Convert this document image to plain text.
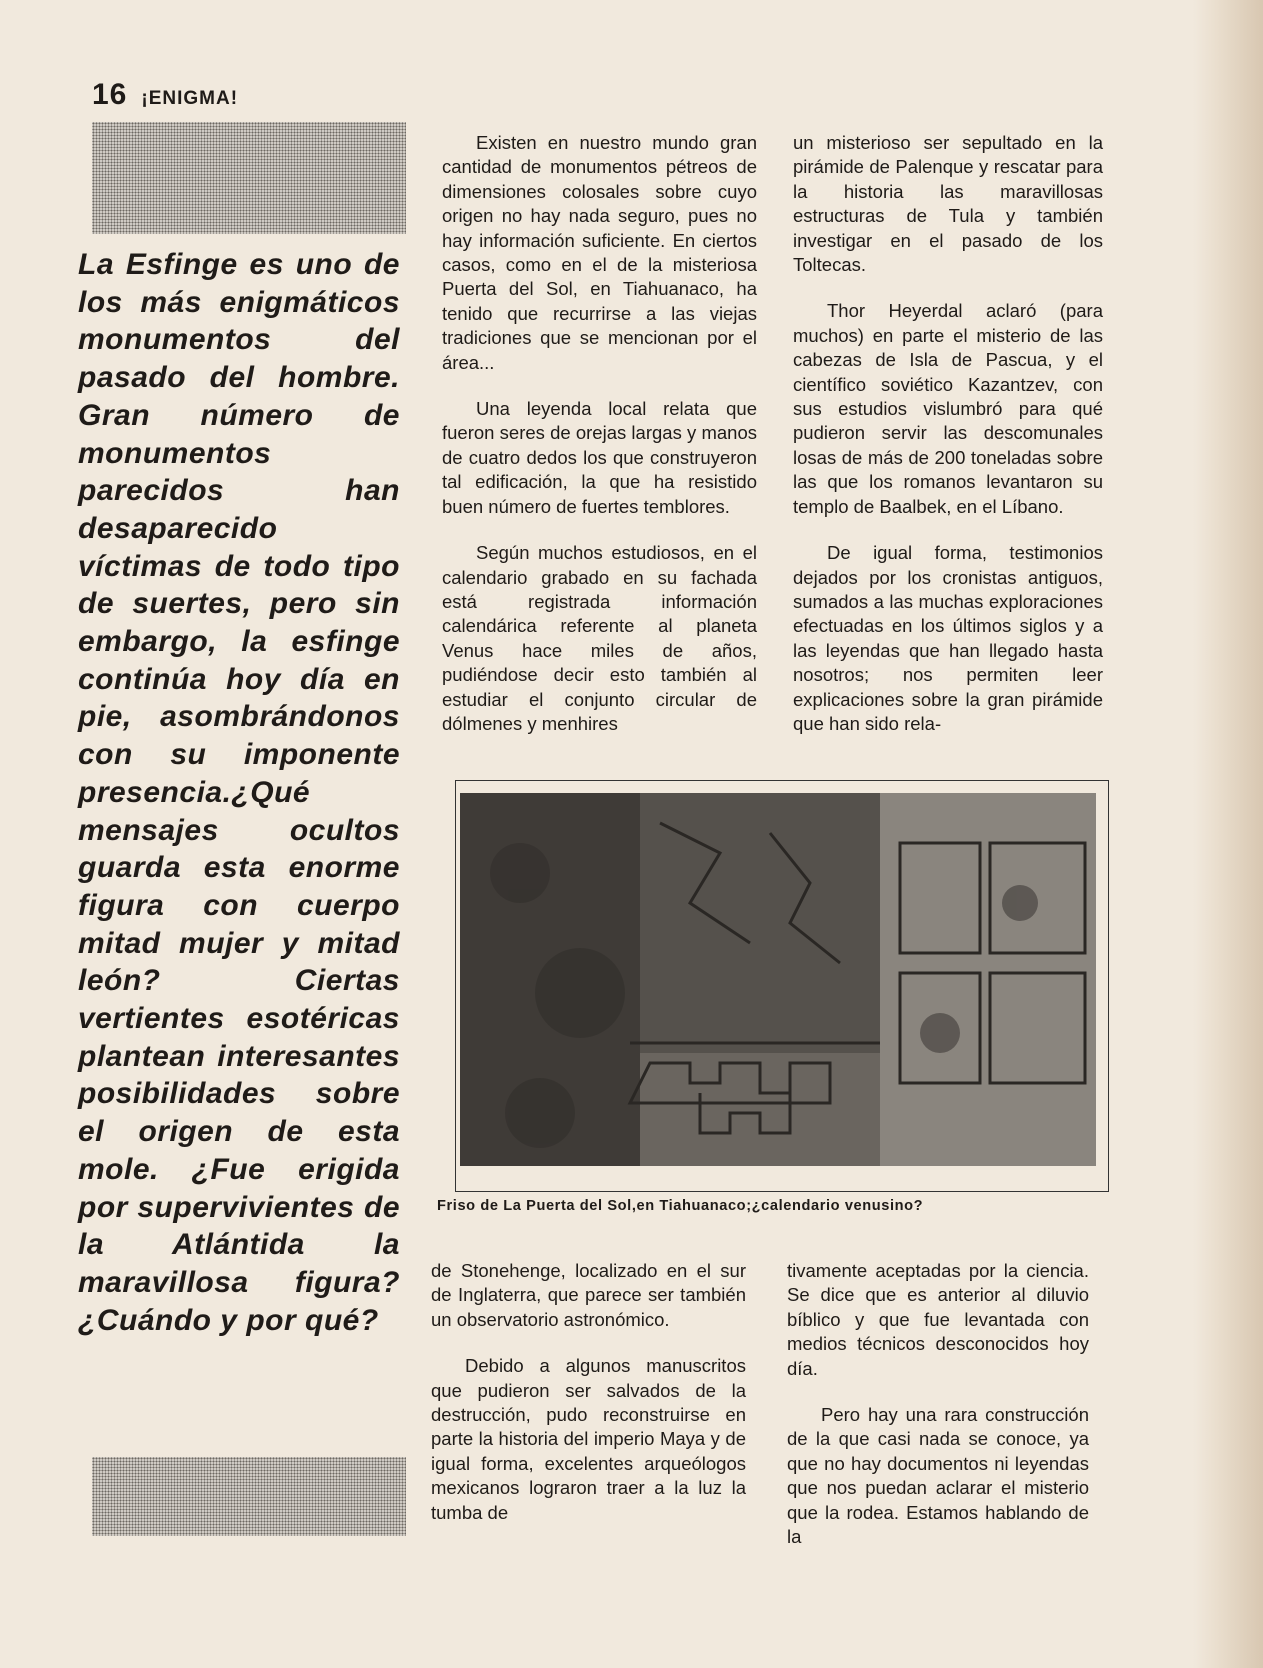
16 ¡ENIGMA!
La Esfinge es uno de los más enigmáticos monumentos del pasado del hombre. Gran número de monumentos parecidos han desaparecido víctimas de todo tipo de suertes, pero sin embargo, la esfinge continúa hoy día en pie, asombrándonos con su imponente presencia.¿Qué mensajes ocultos guarda esta enorme figura con cuerpo mitad mujer y mitad león? Ciertas vertientes esotéricas plantean interesantes posibilidades sobre el origen de esta mole. ¿Fue erigida por supervivientes de la Atlántida la maravillosa figura? ¿Cuándo y por qué?

Existen en nuestro mundo gran cantidad de monumentos pétreos de dimensiones colosales sobre cuyo origen no hay nada seguro, pues no hay información suficiente. En ciertos casos, como en el de la misteriosa Puerta del Sol, en Tiahuanaco, ha tenido que recurrirse a las viejas tradiciones que se mencionan por el área...

Una leyenda local relata que fueron seres de orejas largas y manos de cuatro dedos los que construyeron tal edificación, la que ha resistido buen número de fuertes temblores.

Según muchos estudiosos, en el calendario grabado en su fachada está registrada información calendárica referente al planeta Venus hace miles de años, pudiéndose decir esto también al estudiar el conjunto circular de dólmenes y menhires

un misterioso ser sepultado en la pirámide de Palenque y rescatar para la historia las maravillosas estructuras de Tula y también investigar en el pasado de los Toltecas.

Thor Heyerdal aclaró (para muchos) en parte el misterio de las cabezas de Isla de Pascua, y el científico soviético Kazantzev, con sus estudios vislumbró para qué pudieron servir las descomunales losas de más de 200 toneladas sobre las que los romanos levantaron su templo de Baalbek, en el Líbano.

De igual forma, testimonios dejados por los cronistas antiguos, sumados a las muchas exploraciones efectuadas en los últimos siglos y a las leyendas que han llegado hasta nosotros; nos permiten leer explicaciones sobre la gran pirámide que han sido rela-

Friso de La Puerta del Sol,en Tiahuanaco;¿calendario venusino?

de Stonehenge, localizado en el sur de Inglaterra, que parece ser también un observatorio astronómico.

Debido a algunos manuscritos que pudieron ser salvados de la destrucción, pudo reconstruirse en parte la historia del imperio Maya y de igual forma, excelentes arqueólogos mexicanos lograron traer a la luz la tumba de

tivamente aceptadas por la ciencia. Se dice que es anterior al diluvio bíblico y que fue levantada con medios técnicos desconocidos hoy día.

Pero hay una rara construcción de la que casi nada se conoce, ya que no hay documentos ni leyendas que nos puedan aclarar el misterio que la rodea. Estamos hablando de la
